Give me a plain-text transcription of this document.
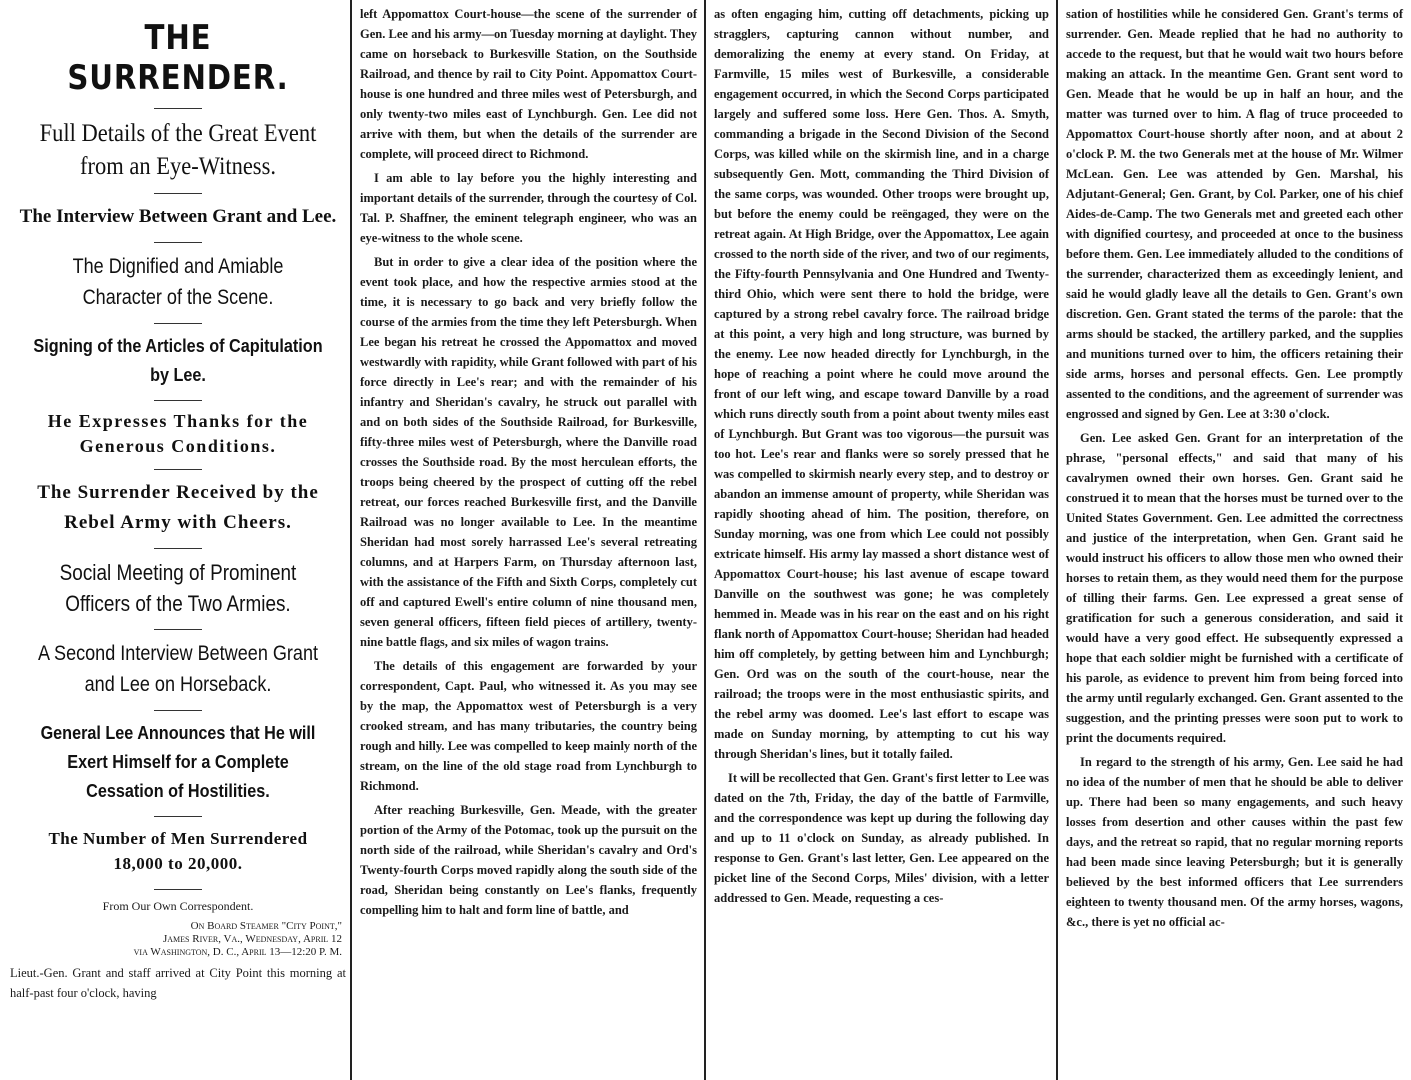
THE SURRENDER.
Full Details of the Great Event from an Eye-Witness.
The Interview Between Grant and Lee.
The Dignified and Amiable Character of the Scene.
Signing of the Articles of Capitulation by Lee.
He Expresses Thanks for the Generous Conditions.
The Surrender Received by the Rebel Army with Cheers.
Social Meeting of Prominent Officers of the Two Armies.
A Second Interview Between Grant and Lee on Horseback.
General Lee Announces that He will Exert Himself for a Complete Cessation of Hostilities.
The Number of Men Surrendered
18,000 to 20,000.
From Our Own Correspondent.
On Board Steamer "City Point,"
James River, Va., Wednesday, April 12
via Washington, D. C., April 13—12:20 P. M.
Lieut.-Gen. Grant and staff arrived at City Point this morning at half-past four o'clock, having

left Appomattox Court-house—the scene of the surrender of Gen. Lee and his army—on Tuesday morning at daylight. They came on horseback to Burkesville Station, on the Southside Railroad, and thence by rail to City Point. Appomattox Court-house is one hundred and three miles west of Petersburgh, and only twenty-two miles east of Lynchburgh. Gen. Lee did not arrive with them, but when the details of the surrender are complete, will proceed direct to Richmond.

I am able to lay before you the highly interesting and important details of the surrender, through the courtesy of Col. Tal. P. Shaffner, the eminent telegraph engineer, who was an eye-witness to the whole scene.

But in order to give a clear idea of the position where the event took place, and how the respective armies stood at the time, it is necessary to go back and very briefly follow the course of the armies from the time they left Petersburgh. When Lee began his retreat he crossed the Appomattox and moved westwardly with rapidity, while Grant followed with part of his force directly in Lee's rear; and with the remainder of his infantry and Sheridan's cavalry, he struck out parallel with and on both sides of the Southside Railroad, for Burkesville, fifty-three miles west of Petersburgh, where the Danville road crosses the Southside road. By the most herculean efforts, the troops being cheered by the prospect of cutting off the rebel retreat, our forces reached Burkesville first, and the Danville Railroad was no longer available to Lee. In the meantime Sheridan had most sorely harrassed Lee's several retreating columns, and at Harpers Farm, on Thursday afternoon last, with the assistance of the Fifth and Sixth Corps, completely cut off and captured Ewell's entire column of nine thousand men, seven general officers, fifteen field pieces of artillery, twenty-nine battle flags, and six miles of wagon trains.

The details of this engagement are forwarded by your correspondent, Capt. Paul, who witnessed it. As you may see by the map, the Appomattox west of Petersburgh is a very crooked stream, and has many tributaries, the country being rough and hilly. Lee was compelled to keep mainly north of the stream, on the line of the old stage road from Lynchburgh to Richmond.

After reaching Burkesville, Gen. Meade, with the greater portion of the Army of the Potomac, took up the pursuit on the north side of the railroad, while Sheridan's cavalry and Ord's Twenty-fourth Corps moved rapidly along the south side of the road, Sheridan being constantly on Lee's flanks, frequently compelling him to halt and form line of battle, and

as often engaging him, cutting off detachments, picking up stragglers, capturing cannon without number, and demoralizing the enemy at every stand. On Friday, at Farmville, 15 miles west of Burkesville, a considerable engagement occurred, in which the Second Corps participated largely and suffered some loss. Here Gen. Thos. A. Smyth, commanding a brigade in the Second Division of the Second Corps, was killed while on the skirmish line, and in a charge subsequently Gen. Mott, commanding the Third Division of the same corps, was wounded. Other troops were brought up, but before the enemy could be reëngaged, they were on the retreat again. At High Bridge, over the Appomattox, Lee again crossed to the north side of the river, and two of our regiments, the Fifty-fourth Pennsylvania and One Hundred and Twenty-third Ohio, which were sent there to hold the bridge, were captured by a strong rebel cavalry force. The railroad bridge at this point, a very high and long structure, was burned by the enemy. Lee now headed directly for Lynchburgh, in the hope of reaching a point where he could move around the front of our left wing, and escape toward Danville by a road which runs directly south from a point about twenty miles east of Lynchburgh. But Grant was too vigorous—the pursuit was too hot. Lee's rear and flanks were so sorely pressed that he was compelled to skirmish nearly every step, and to destroy or abandon an immense amount of property, while Sheridan was rapidly shooting ahead of him. The position, therefore, on Sunday morning, was one from which Lee could not possibly extricate himself. His army lay massed a short distance west of Appomattox Court-house; his last avenue of escape toward Danville on the southwest was gone; he was completely hemmed in. Meade was in his rear on the east and on his right flank north of Appomattox Court-house; Sheridan had headed him off completely, by getting between him and Lynchburgh; Gen. Ord was on the south of the court-house, near the railroad; the troops were in the most enthusiastic spirits, and the rebel army was doomed. Lee's last effort to escape was made on Sunday morning, by attempting to cut his way through Sheridan's lines, but it totally failed.

It will be recollected that Gen. Grant's first letter to Lee was dated on the 7th, Friday, the day of the battle of Farmville, and the correspondence was kept up during the following day and up to 11 o'clock on Sunday, as already published. In response to Gen. Grant's last letter, Gen. Lee appeared on the picket line of the Second Corps, Miles' division, with a letter addressed to Gen. Meade, requesting a ces-

sation of hostilities while he considered Gen. Grant's terms of surrender. Gen. Meade replied that he had no authority to accede to the request, but that he would wait two hours before making an attack. In the meantime Gen. Grant sent word to Gen. Meade that he would be up in half an hour, and the matter was turned over to him. A flag of truce proceeded to Appomattox Court-house shortly after noon, and at about 2 o'clock P. M. the two Generals met at the house of Mr. Wilmer McLean. Gen. Lee was attended by Gen. Marshal, his Adjutant-General; Gen. Grant, by Col. Parker, one of his chief Aides-de-Camp. The two Generals met and greeted each other with dignified courtesy, and proceeded at once to the business before them. Gen. Lee immediately alluded to the conditions of the surrender, characterized them as exceedingly lenient, and said he would gladly leave all the details to Gen. Grant's own discretion. Gen. Grant stated the terms of the parole: that the arms should be stacked, the artillery parked, and the supplies and munitions turned over to him, the officers retaining their side arms, horses and personal effects. Gen. Lee promptly assented to the conditions, and the agreement of surrender was engrossed and signed by Gen. Lee at 3:30 o'clock.

Gen. Lee asked Gen. Grant for an interpretation of the phrase, "personal effects," and said that many of his cavalrymen owned their own horses. Gen. Grant said he construed it to mean that the horses must be turned over to the United States Government. Gen. Lee admitted the correctness and justice of the interpretation, when Gen. Grant said he would instruct his officers to allow those men who owned their horses to retain them, as they would need them for the purpose of tilling their farms. Gen. Lee expressed a great sense of gratification for such a generous consideration, and said it would have a very good effect. He subsequently expressed a hope that each soldier might be furnished with a certificate of his parole, as evidence to prevent him from being forced into the army until regularly exchanged. Gen. Grant assented to the suggestion, and the printing presses were soon put to work to print the documents required.

In regard to the strength of his army, Gen. Lee said he had no idea of the number of men that he should be able to deliver up. There had been so many engagements, and such heavy losses from desertion and other causes within the past few days, and the retreat so rapid, that no regular morning reports had been made since leaving Petersburgh; but it is generally believed by the best informed officers that Lee surrenders eighteen to twenty thousand men. Of the army horses, wagons, &c., there is yet no official ac-
